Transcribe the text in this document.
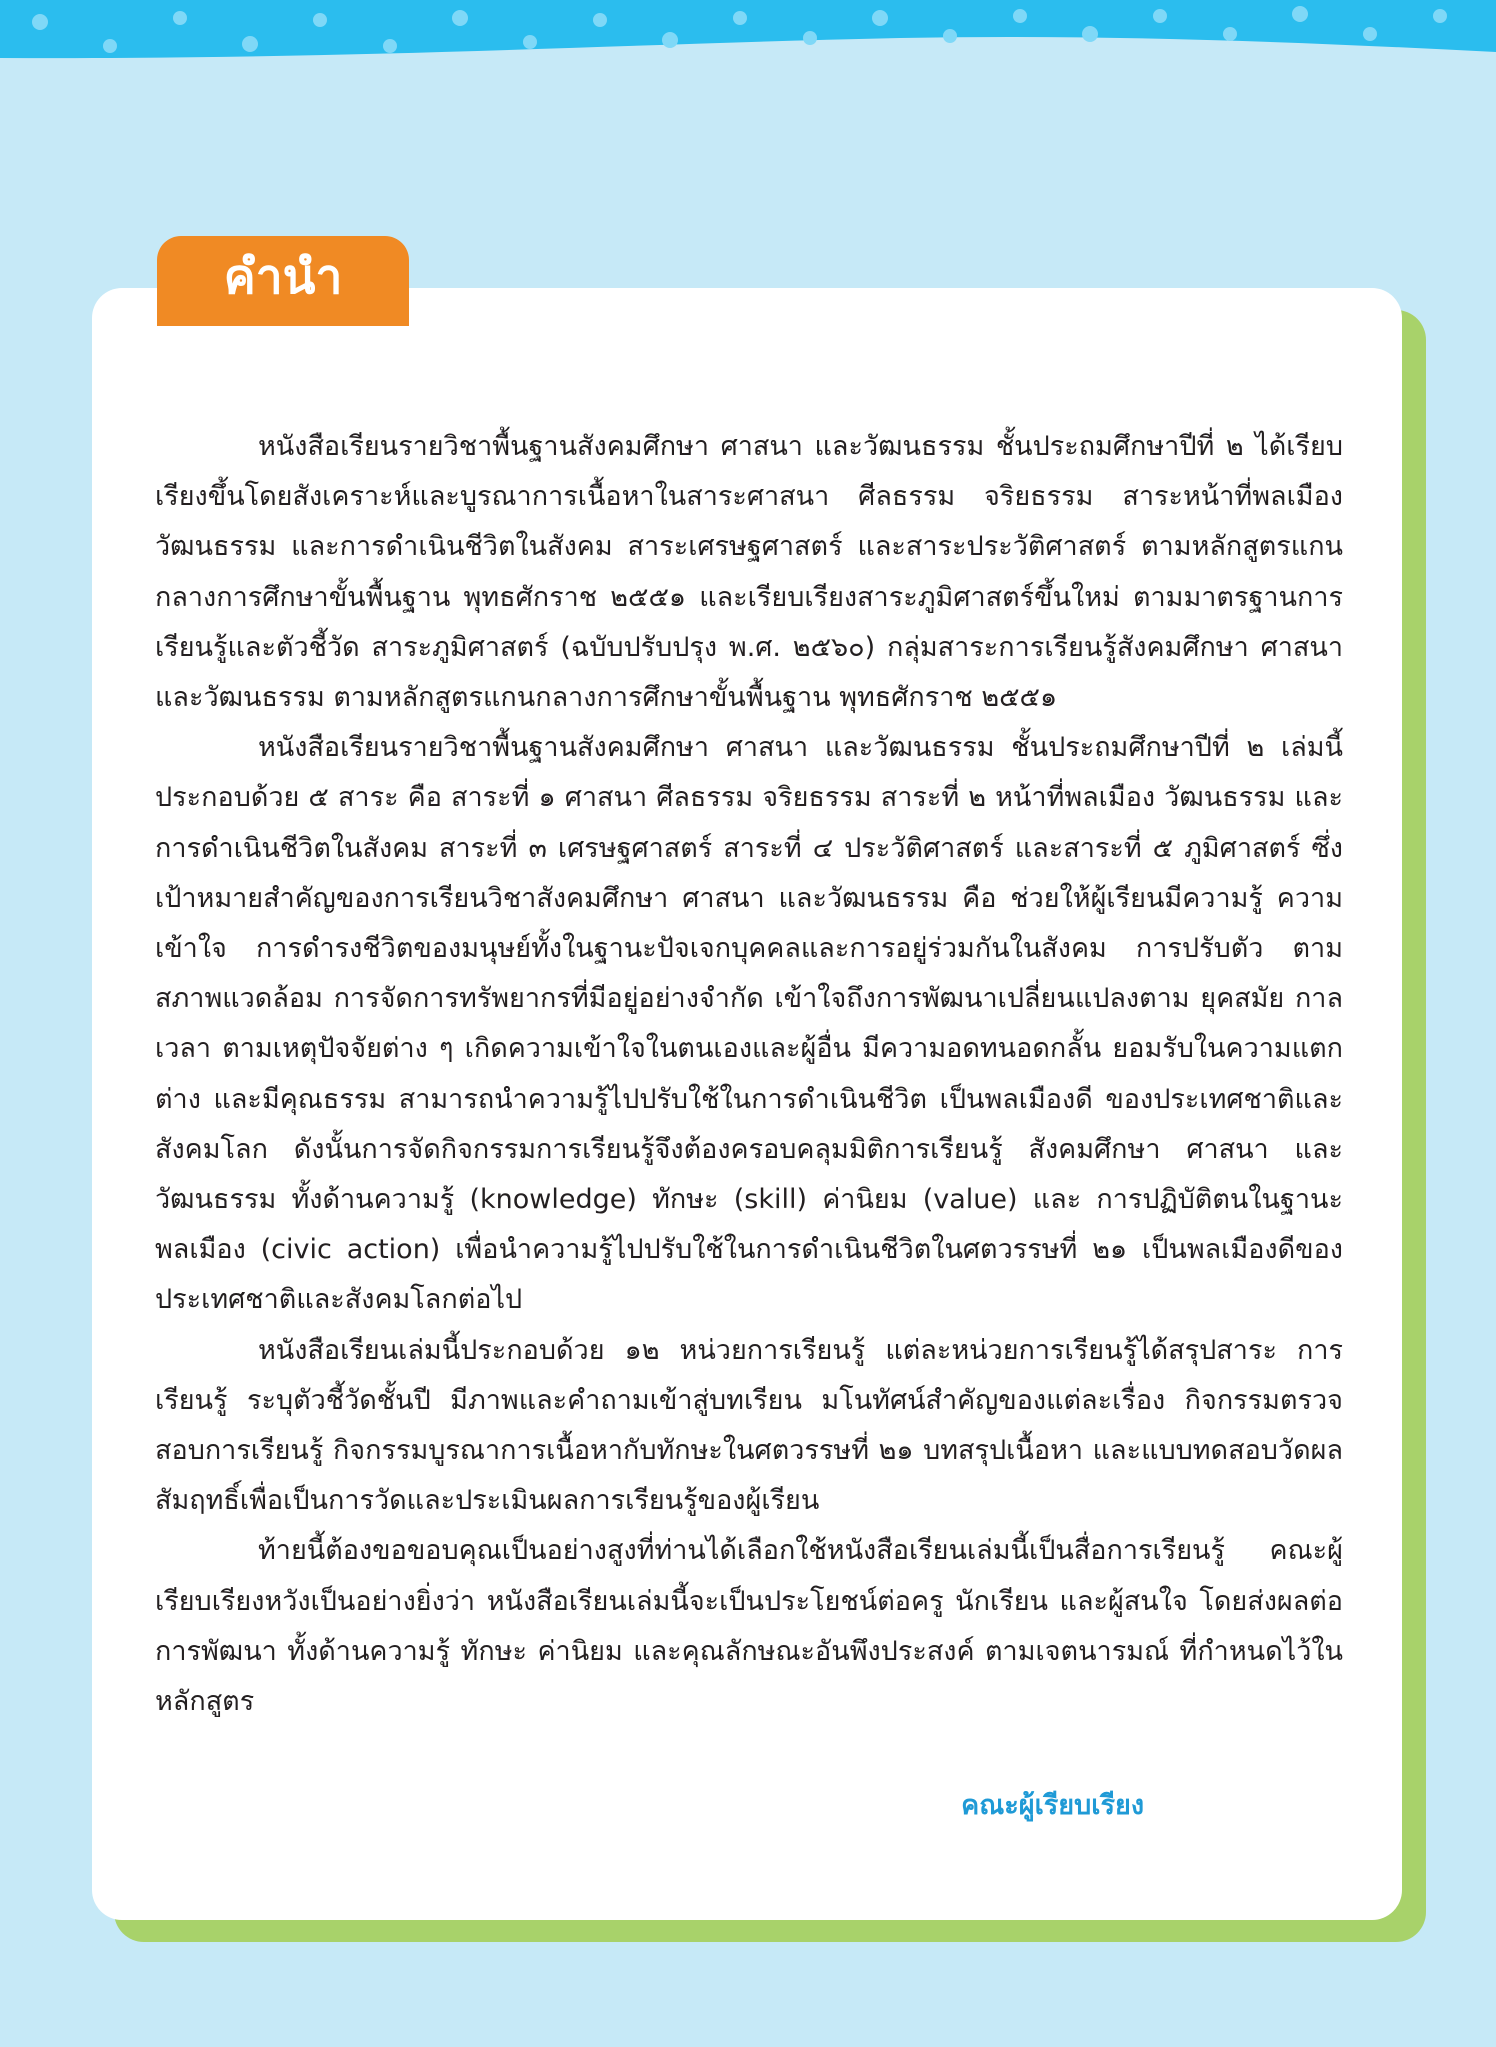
คำนำ

หนังสือเรียนรายวิชาพื้นฐานสังคมศึกษา ศาสนา และวัฒนธรรม ชั้นประถมศึกษาปีที่ ๒ ได้เรียบเรียงขึ้นโดยสังเคราะห์และบูรณาการเนื้อหาในสาระศาสนา ศีลธรรม จริยธรรม สาระหน้าที่พลเมือง วัฒนธรรม และการดำเนินชีวิตในสังคม สาระเศรษฐศาสตร์ และสาระประวัติศาสตร์ ตามหลักสูตรแกนกลางการศึกษาขั้นพื้นฐาน พุทธศักราช ๒๕๕๑ และเรียบเรียงสาระภูมิศาสตร์ขึ้นใหม่ ตามมาตรฐานการเรียนรู้และตัวชี้วัด สาระภูมิศาสตร์ (ฉบับปรับปรุง พ.ศ. ๒๕๖๐) กลุ่มสาระการเรียนรู้สังคมศึกษา ศาสนา และวัฒนธรรม ตามหลักสูตรแกนกลางการศึกษาขั้นพื้นฐาน พุทธศักราช ๒๕๕๑

หนังสือเรียนรายวิชาพื้นฐานสังคมศึกษา ศาสนา และวัฒนธรรม ชั้นประถมศึกษาปีที่ ๒ เล่มนี้ ประกอบด้วย ๕ สาระ คือ สาระที่ ๑ ศาสนา ศีลธรรม จริยธรรม สาระที่ ๒ หน้าที่พลเมือง วัฒนธรรม และการดำเนินชีวิตในสังคม สาระที่ ๓ เศรษฐศาสตร์ สาระที่ ๔ ประวัติศาสตร์ และสาระที่ ๕ ภูมิศาสตร์ ซึ่งเป้าหมายสำคัญของการเรียนวิชาสังคมศึกษา ศาสนา และวัฒนธรรม คือ ช่วยให้ผู้เรียนมีความรู้ ความเข้าใจ การดำรงชีวิตของมนุษย์ทั้งในฐานะปัจเจกบุคคลและการอยู่ร่วมกันในสังคม การปรับตัว ตามสภาพแวดล้อม การจัดการทรัพยากรที่มีอยู่อย่างจำกัด เข้าใจถึงการพัฒนาเปลี่ยนแปลงตาม ยุคสมัย กาลเวลา ตามเหตุปัจจัยต่าง ๆ เกิดความเข้าใจในตนเองและผู้อื่น มีความอดทนอดกลั้น ยอมรับในความแตกต่าง และมีคุณธรรม สามารถนำความรู้ไปปรับใช้ในการดำเนินชีวิต เป็นพลเมืองดี ของประเทศชาติและสังคมโลก ดังนั้นการจัดกิจกรรมการเรียนรู้จึงต้องครอบคลุมมิติการเรียนรู้ สังคมศึกษา ศาสนา และวัฒนธรรม ทั้งด้านความรู้ (knowledge) ทักษะ (skill) ค่านิยม (value) และ การปฏิบัติตนในฐานะพลเมือง (civic action) เพื่อนำความรู้ไปปรับใช้ในการดำเนินชีวิตในศตวรรษที่ ๒๑ เป็นพลเมืองดีของประเทศชาติและสังคมโลกต่อไป

หนังสือเรียนเล่มนี้ประกอบด้วย ๑๒ หน่วยการเรียนรู้ แต่ละหน่วยการเรียนรู้ได้สรุปสาระ การเรียนรู้ ระบุตัวชี้วัดชั้นปี มีภาพและคำถามเข้าสู่บทเรียน มโนทัศน์สำคัญของแต่ละเรื่อง กิจกรรมตรวจสอบการเรียนรู้ กิจกรรมบูรณาการเนื้อหากับทักษะในศตวรรษที่ ๒๑ บทสรุปเนื้อหา และแบบทดสอบวัดผลสัมฤทธิ์เพื่อเป็นการวัดและประเมินผลการเรียนรู้ของผู้เรียน

ท้ายนี้ต้องขอขอบคุณเป็นอย่างสูงที่ท่านได้เลือกใช้หนังสือเรียนเล่มนี้เป็นสื่อการเรียนรู้ คณะผู้เรียบเรียงหวังเป็นอย่างยิ่งว่า หนังสือเรียนเล่มนี้จะเป็นประโยชน์ต่อครู นักเรียน และผู้สนใจ โดยส่งผลต่อการพัฒนา ทั้งด้านความรู้ ทักษะ ค่านิยม และคุณลักษณะอันพึงประสงค์ ตามเจตนารมณ์ ที่กำหนดไว้ในหลักสูตร

คณะผู้เรียบเรียง
